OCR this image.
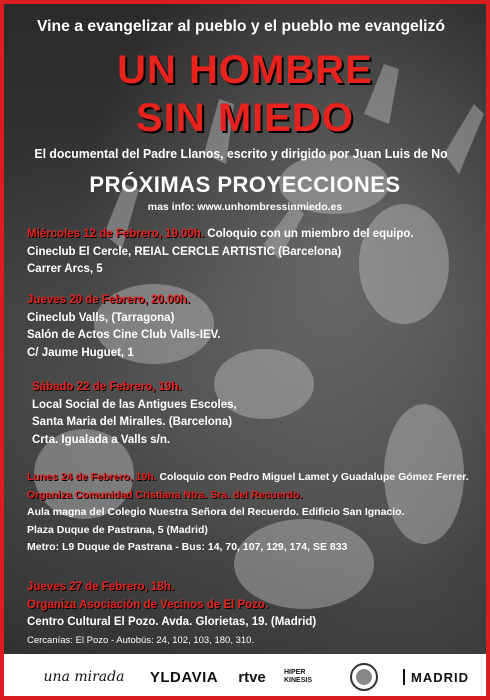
Vine a evangelizar al pueblo y el pueblo me evangelizó
UN HOMBRE
SIN MIEDO
El documental del Padre Llanos, escrito y dirigido por Juan Luis de No
PRÓXIMAS PROYECCIONES
mas info: www.unhombressinmiedo.es
Miércoles 12 de Febrero, 19.00h. Coloquio con un miembro del equipo.
Cineclub El Cercle, REIAL CERCLE ARTISTIC (Barcelona)
Carrer Arcs, 5
Jueves 20 de Febrero, 20.00h.
Cineclub Valls, (Tarragona)
Salón de Actos Cine Club Valls-IEV.
C/ Jaume Huguet, 1
Sábado 22 de Febrero, 19h.
Local Social de las Antigues Escoles,
Santa Maria del Miralles. (Barcelona)
Crta. Igualada a Valls s/n.
Lunes 24 de Febrero, 19h. Coloquio con Pedro Miguel Lamet y Guadalupe Gómez Ferrer.
Organiza Comunidad Cristiana Ntra. Sra. del Recuerdo.
Aula magna del Colegio Nuestra Señora del Recuerdo. Edificio San Ignacio.
Plaza Duque de Pastrana, 5 (Madrid)
Metro: L9 Duque de Pastrana - Bus: 14, 70, 107, 129, 174, SE 833
Jueves 27 de Febrero, 18h.
Organiza Asociación de Vecinos de El Pozo.
Centro Cultural El Pozo. Avda. Glorietas, 19. (Madrid)
Cercanías: El Pozo - Autobús: 24, 102, 103, 180, 310.
una mirada	YLDAVIA	rtve	HIPER
KINESIS	MADRID
